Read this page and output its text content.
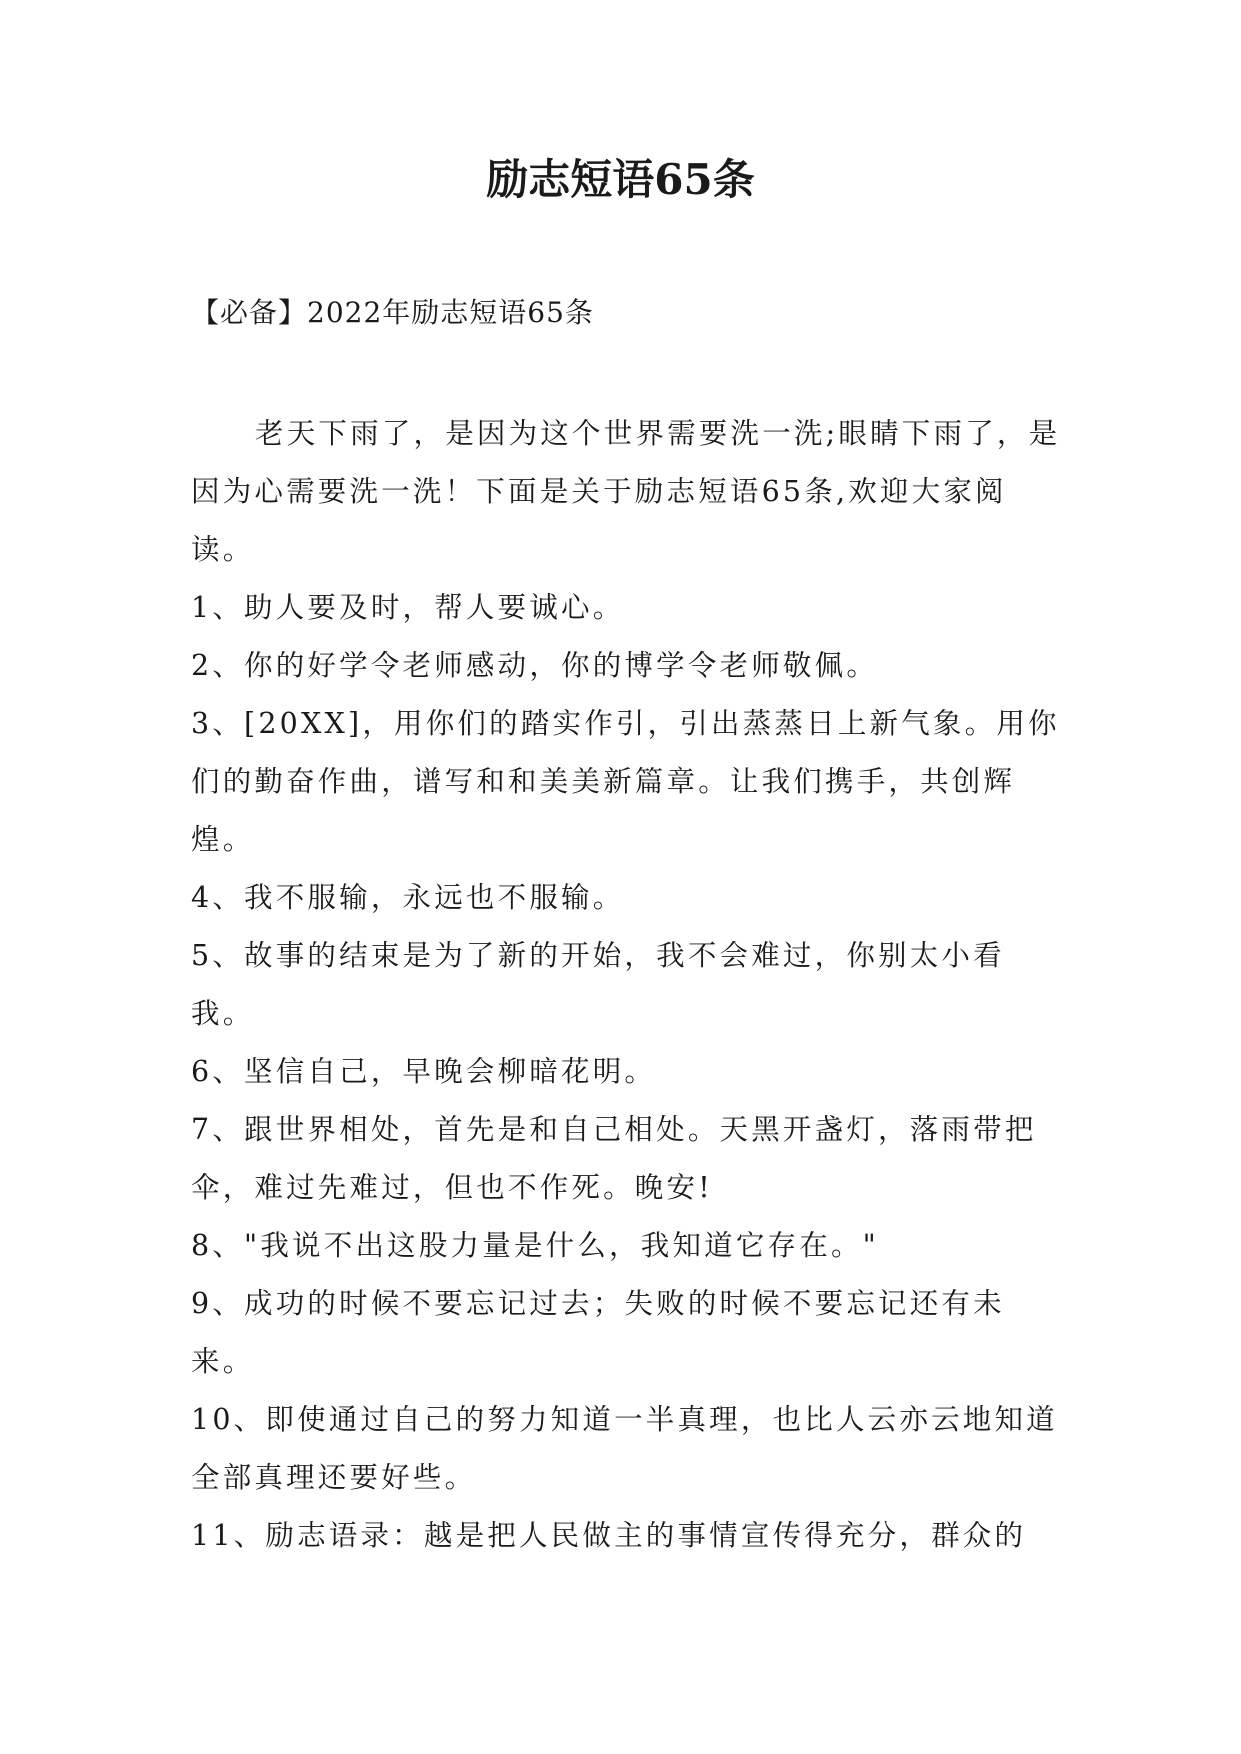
励志短语65条

【必备】2022年励志短语65条

老天下雨了，是因为这个世界需要洗一洗;眼睛下雨了，是因为心需要洗一洗！下面是关于励志短语65条,欢迎大家阅读。

1、助人要及时，帮人要诚心。

2、你的好学令老师感动，你的博学令老师敬佩。

3、[20XX]，用你们的踏实作引，引出蒸蒸日上新气象。用你们的勤奋作曲，谱写和和美美新篇章。让我们携手，共创辉煌。

4、我不服输，永远也不服输。

5、故事的结束是为了新的开始，我不会难过，你别太小看我。

6、坚信自己，早晚会柳暗花明。

7、跟世界相处，首先是和自己相处。天黑开盏灯，落雨带把伞，难过先难过，但也不作死。晚安!

8、"我说不出这股力量是什么，我知道它存在。"

9、成功的时候不要忘记过去；失败的时候不要忘记还有未来。

10、即使通过自己的努力知道一半真理，也比人云亦云地知道全部真理还要好些。

11、励志语录：越是把人民做主的事情宣传得充分，群众的
